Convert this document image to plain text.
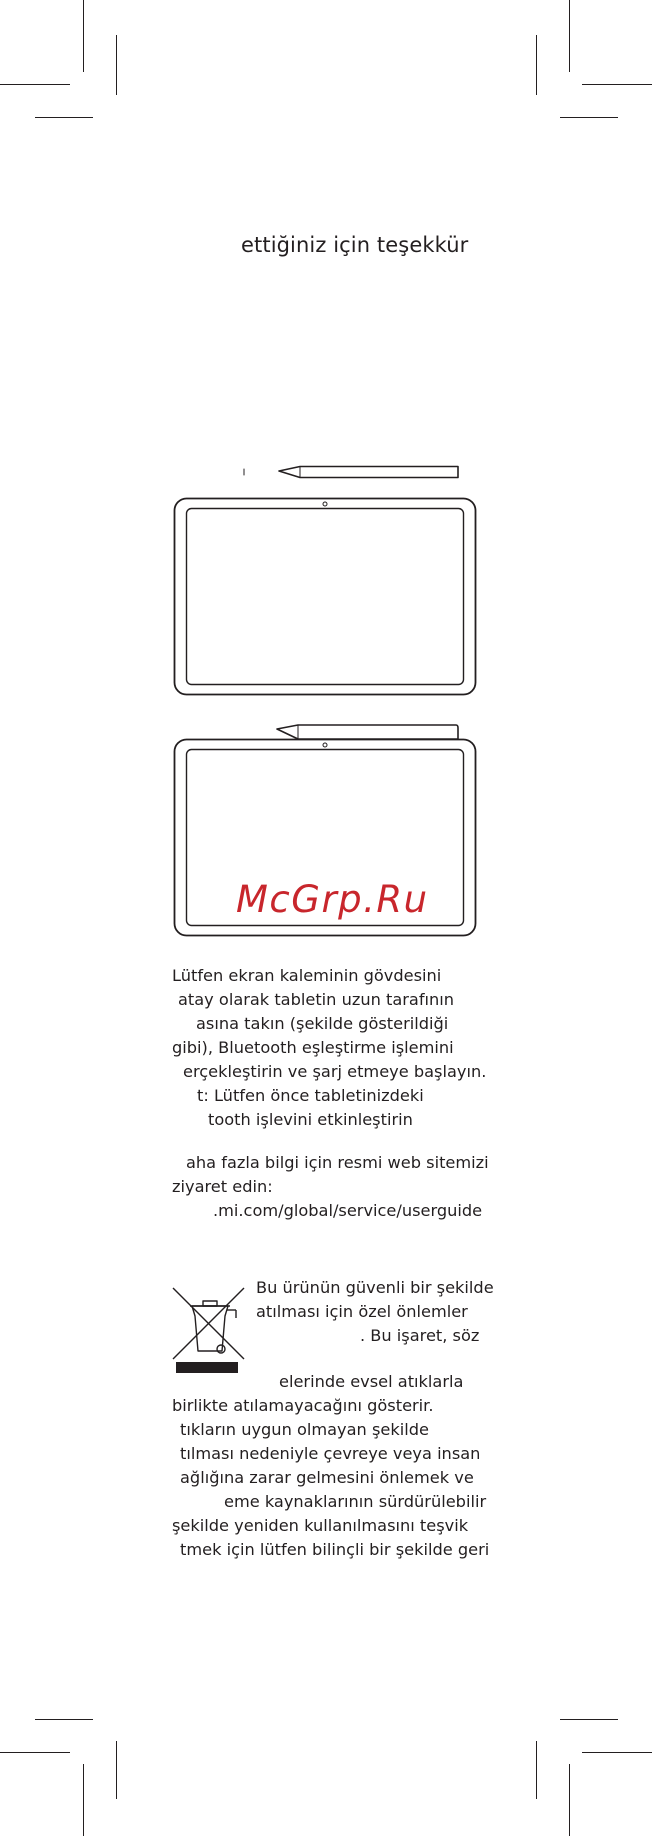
ettiğiniz için teşekkür
McGrp.Ru

Lütfen ekran kaleminin gövdesini

atay olarak tabletin uzun tarafının

asına takın (şekilde gösterildiği

gibi), Bluetooth eşleştirme işlemini

erçekleştirin ve şarj etmeye başlayın.

t: Lütfen önce tabletinizdeki

tooth işlevini etkinleştirin

aha fazla bilgi için resmi web sitemizi

ziyaret edin:

.mi.com/global/service/userguide

Bu ürünün güvenli bir şekilde

atılması için özel önlemler

. Bu işaret, söz

elerinde evsel atıklarla

birlikte atılamayacağını gösterir.

tıkların uygun olmayan şekilde

tılması nedeniyle çevreye veya insan

ağlığına zarar gelmesini önlemek ve

eme kaynaklarının sürdürülebilir

şekilde yeniden kullanılmasını teşvik

tmek için lütfen bilinçli bir şekilde geri
